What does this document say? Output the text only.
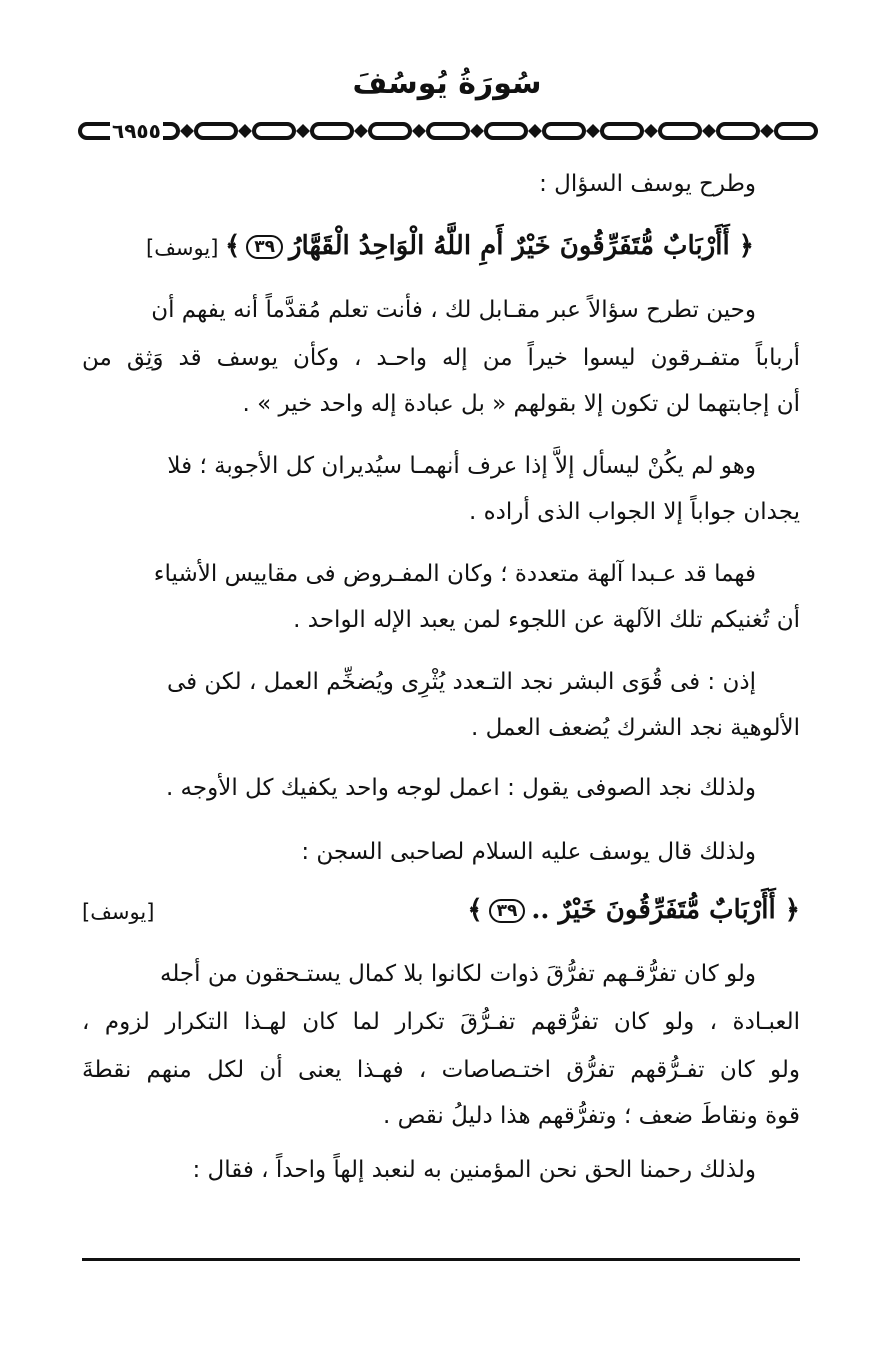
سُورَةُ يُوسُفَ
٦٩٥٥
وطرح يوسف السؤال :
﴿ أَأَرْبَابٌ مُّتَفَرِّقُونَ خَيْرٌ أَمِ اللَّهُ الْوَاحِدُ الْقَهَّارُ٣٩﴾
[يوسف]
وحين تطرح سؤالاً عبر مقـابل لك ، فأنت تعلم مُقدَّماً أنه يفهم أن
أرباباً متفـرقون ليسوا خيراً من إله واحـد ، وكأن يوسف قد وَثِق من
أن إجابتهما لن تكون إلا بقولهم « بل عبادة إله واحد خير » .
وهو لم يكُنْ ليسأل إلاَّ إذا عرف أنهمـا سيُديران كل الأجوبة ؛ فلا
يجدان جواباً إلا الجواب الذى أراده .
فهما قد عـبدا آلهة متعددة ؛ وكان المفـروض فى مقاييس الأشياء
أن تُغنيكم تلك الآلهة عن اللجوء لمن يعبد الإله الواحد .
إذن : فى قُوَى البشر نجد التـعدد يُثْرِى ويُضخِّم العمل ، لكن فى
الألوهية نجد الشرك يُضعف العمل .
ولذلك نجد الصوفى يقول : اعمل لوجه واحد يكفيك كل الأوجه .
ولذلك قال يوسف عليه السلام لصاحبى السجن :
﴿ أَأَرْبَابٌ مُّتَفَرِّقُونَ خَيْرٌ ..٣٩﴾
[يوسف]
ولو كان تفرُّقـهم تفرُّقَ ذوات لكانوا بلا كمال يستـحقون من أجله
العبـادة ، ولو كان تفرُّقهم تفـرُّقَ تكرار لما كان لهـذا التكرار لزوم ،
ولو كان تفـرُّقهم تفرُّق اختـصاصات ، فهـذا يعنى أن لكل منهم نقطةَ
قوة ونقاطَ ضعف ؛ وتفرُّقهم هذا دليلُ نقص .
ولذلك رحمنا الحق نحن المؤمنين به لنعبد إلهاً واحداً ، فقال :
